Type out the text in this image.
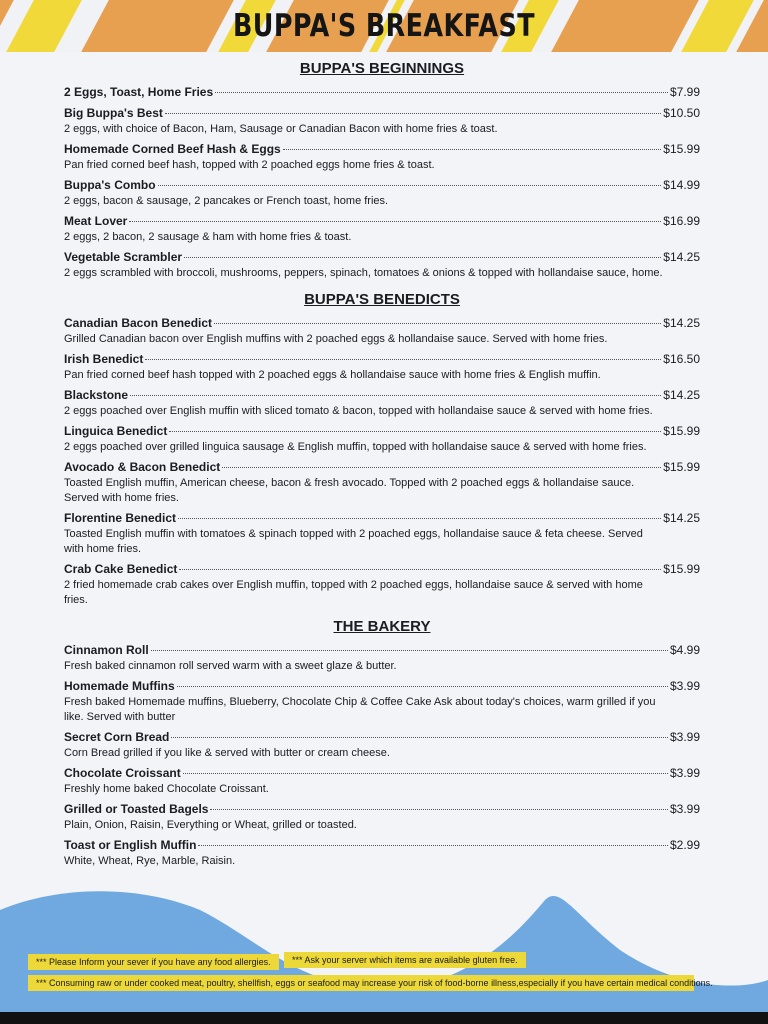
BUPPA'S BREAKFAST
BUPPA'S BEGINNINGS
2 Eggs, Toast, Home Fries	$7.99
Big Buppa's Best	$10.50
2 eggs, with choice of Bacon, Ham, Sausage or Canadian Bacon with home fries & toast.
Homemade Corned Beef Hash & Eggs	$15.99
Pan fried corned beef hash, topped with 2 poached eggs home fries & toast.
Buppa's Combo	$14.99
2 eggs, bacon & sausage, 2 pancakes or French toast, home fries.
Meat Lover	$16.99
2 eggs, 2 bacon, 2 sausage & ham with home fries & toast.
Vegetable Scrambler	$14.25
2 eggs scrambled with broccoli, mushrooms, peppers, spinach, tomatoes & onions & topped with hollandaise sauce, home.
BUPPA'S BENEDICTS
Canadian Bacon Benedict	$14.25
Grilled Canadian bacon over English muffins with 2 poached eggs & hollandaise sauce. Served with home fries.
Irish Benedict	$16.50
Pan fried corned beef hash topped with 2 poached eggs & hollandaise sauce with home fries & English muffin.
Blackstone	$14.25
2 eggs poached over English muffin with sliced tomato & bacon, topped with hollandaise sauce & served with home fries.
Linguica Benedict	$15.99
2 eggs poached over grilled linguica sausage & English muffin, topped with hollandaise sauce & served with home fries.
Avocado & Bacon Benedict	$15.99
Toasted English muffin, American cheese, bacon & fresh avocado. Topped with 2 poached eggs & hollandaise sauce. Served with home fries.
Florentine Benedict	$14.25
Toasted English muffin with tomatoes & spinach topped with 2 poached eggs, hollandaise sauce & feta cheese. Served with home fries.
Crab Cake Benedict	$15.99
2 fried homemade crab cakes over English muffin, topped with 2 poached eggs, hollandaise sauce & served with home fries.
THE BAKERY
Cinnamon Roll	$4.99
Fresh baked cinnamon roll served warm with a sweet glaze & butter.
Homemade Muffins	$3.99
Fresh baked Homemade muffins, Blueberry, Chocolate Chip & Coffee Cake Ask about today's choices, warm grilled if you like. Served with butter
Secret Corn Bread	$3.99
Corn Bread grilled if you like & served with butter or cream cheese.
Chocolate Croissant	$3.99
Freshly home baked Chocolate Croissant.
Grilled or Toasted Bagels	$3.99
Plain, Onion, Raisin, Everything or Wheat, grilled or toasted.
Toast or English Muffin	$2.99
White, Wheat, Rye, Marble, Raisin.
*** Please Inform your sever if you have any food allergies.	*** Ask your server which items are available gluten free.
*** Consuming raw or under cooked meat, poultry, shellfish, eggs or seafood may increase your risk of food-borne illness,especially if you have certain medical conditions.
